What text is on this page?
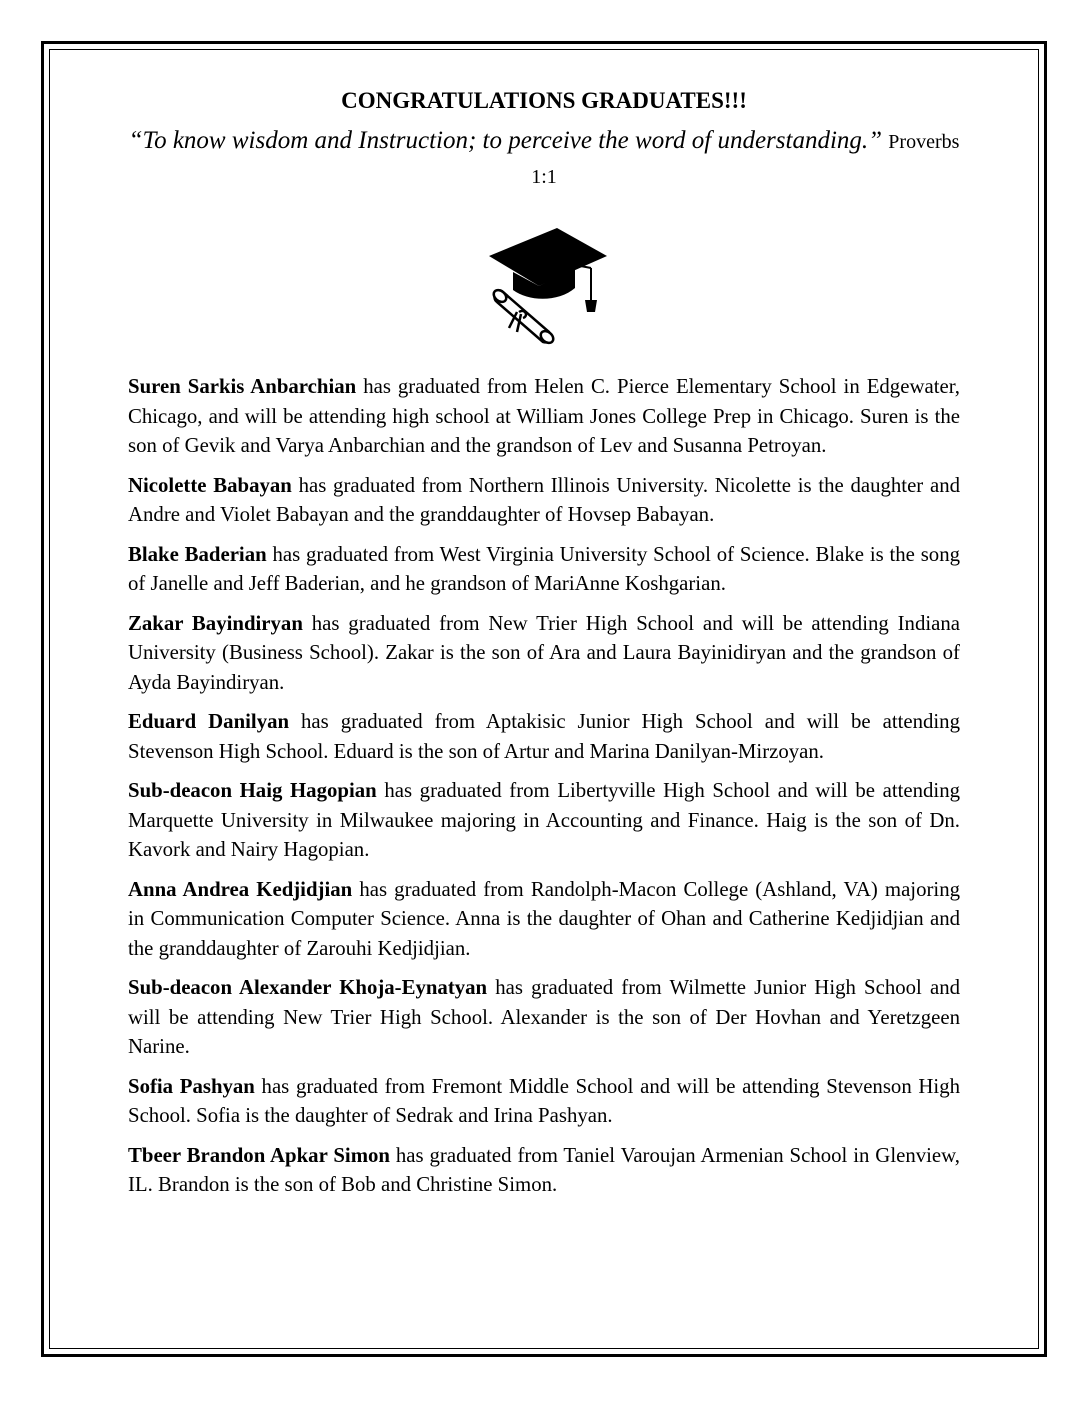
CONGRATULATIONS GRADUATES!!!
“To know wisdom and Instruction; to perceive the word of understanding.” Proverbs 1:1

Suren Sarkis Anbarchian has graduated from Helen C. Pierce Elementary School in Edgewater, Chicago, and will be attending high school at William Jones College Prep in Chicago. Suren is the son of Gevik and Varya Anbarchian and the grandson of Lev and Susanna Petroyan.

Nicolette Babayan has graduated from Northern Illinois University. Nicolette is the daughter and Andre and Violet Babayan and the granddaughter of Hovsep Babayan.

Blake Baderian has graduated from West Virginia University School of Science. Blake is the song of Janelle and Jeff Baderian, and he grandson of MariAnne Koshgarian.

Zakar Bayindiryan has graduated from New Trier High School and will be attending Indiana University (Business School). Zakar is the son of Ara and Laura Bayinidiryan and the grandson of Ayda Bayindiryan.

Eduard Danilyan has graduated from Aptakisic Junior High School and will be attending Stevenson High School. Eduard is the son of Artur and Marina Danilyan-Mirzoyan.

Sub-deacon Haig Hagopian has graduated from Libertyville High School and will be attending Marquette University in Milwaukee majoring in Accounting and Finance. Haig is the son of Dn. Kavork and Nairy Hagopian.

Anna Andrea Kedjidjian has graduated from Randolph-Macon College (Ashland, VA) majoring in Communication Computer Science. Anna is the daughter of Ohan and Catherine Kedjidjian and the granddaughter of Zarouhi Kedjidjian.

Sub-deacon Alexander Khoja-Eynatyan has graduated from Wilmette Junior High School and will be attending New Trier High School. Alexander is the son of Der Hovhan and Yeretzgeen Narine.

Sofia Pashyan has graduated from Fremont Middle School and will be attending Stevenson High School. Sofia is the daughter of Sedrak and Irina Pashyan.

Tbeer Brandon Apkar Simon has graduated from Taniel Varoujan Armenian School in Glenview, IL. Brandon is the son of Bob and Christine Simon.
